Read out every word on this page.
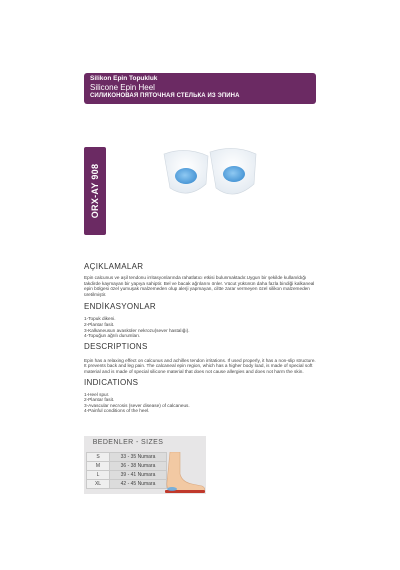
Silikon Epin Topukluk
Silicone Epin Heel
СИЛИКОНОВАЯ ПЯТОЧНАЯ СТЕЛЬКА ИЗ ЭПИНА
ORX-AY 908
AÇIKLAMALAR
Epin calcunus ve aşil tendonu irritasyonlarında rahatlatıcı etkisi bulunmaktadır.Uygun bir şekilde kullanıldığı takdirde kaymayan bir yapıya sahiptir. Bel ve bacak ağrılarını önler. Vücut yükünün daha fazla bindiği kalkaneal epin bölgesi özel yumuşak malzemeden olup alerji yapmayan, ciltte zarar vermeyen özel silikon malzemeden üretilmiştir.
ENDİKASYONLAR
1-Topuk dikeni.
2-Plantar fasit.
3-Kalkaneusun avasküler nekrozu(sever hastalığı).
4-Topuğun ağrılı durumları.
DESCRIPTIONS
Epin has a relaxing effect on calcunus and achilles tendon irritations. If used properly, it has a non-slip structure. It prevents back and leg pain. The calcaneal epin region, which has a higher body load, is made of special soft material and is made of special silicone material that does not cause allergies and does not harm the skin.
INDICATIONS
1-Heel spur.
2-Plantar fasit.
3-Avascular necrosis (sever disease) of calcaneus.
4-Painful conditions of the heel.
BEDENLER - SIZES
S	33 - 35 Numara
M	36 - 38 Numara
L	39 - 41 Numara
XL	42 - 45 Numara
